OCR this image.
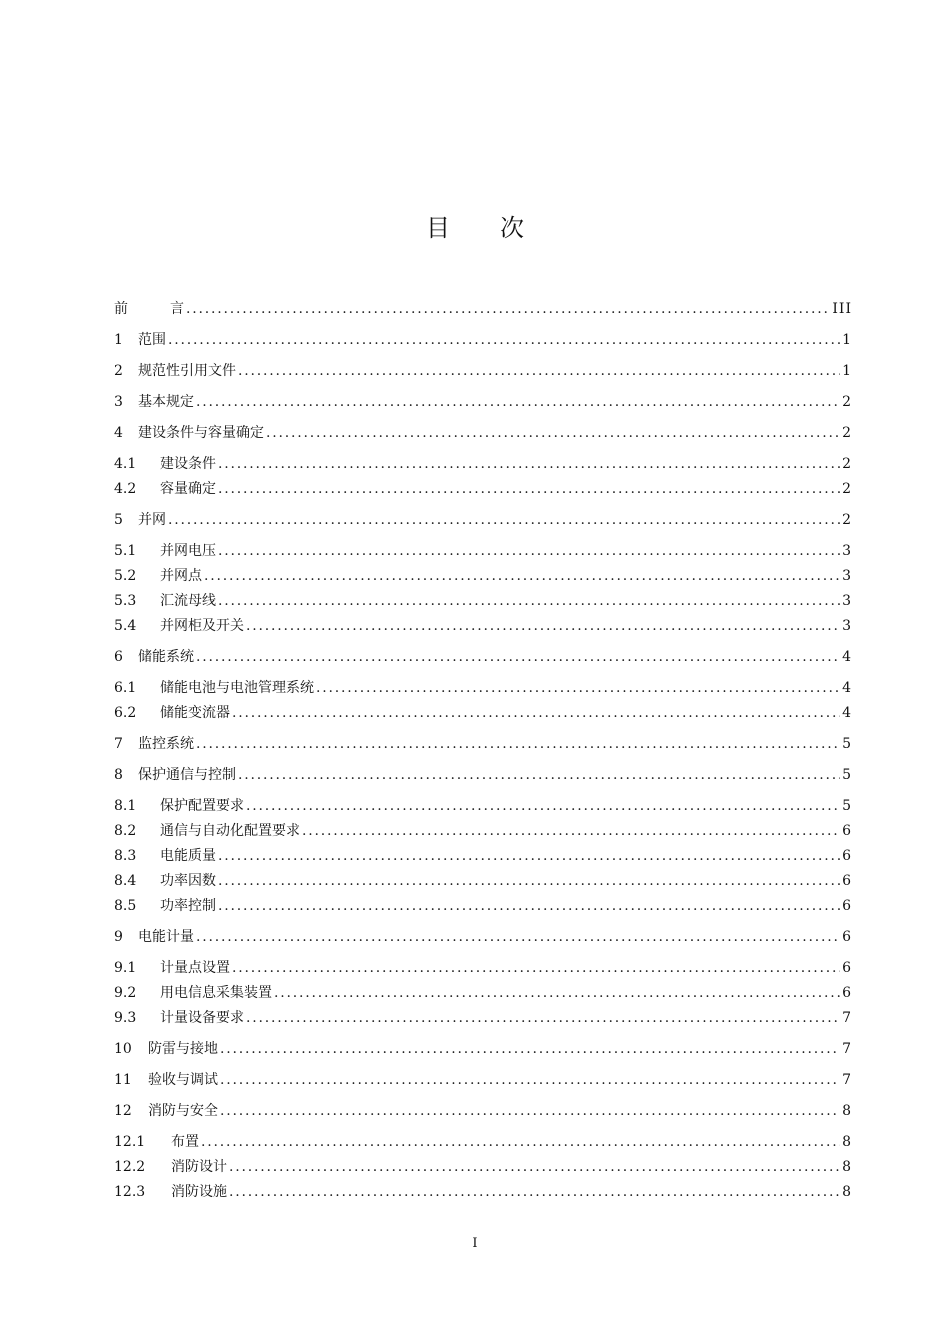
目 次
前	言 .....	III
1	范围 .....	1
2	规范性引用文件 .....	1
3	基本规定 .....	2
4	建设条件与容量确定 .....	2
4.1	建设条件 .....	2
4.2	容量确定 .....	2
5	并网 .....	2
5.1	并网电压 .....	3
5.2	并网点 .....	3
5.3	汇流母线 .....	3
5.4	并网柜及开关 .....	3
6	储能系统 .....	4
6.1	储能电池与电池管理系统 .....	4
6.2	储能变流器 .....	4
7	监控系统 .....	5
8	保护通信与控制 .....	5
8.1	保护配置要求 .....	5
8.2	通信与自动化配置要求 .....	6
8.3	电能质量 .....	6
8.4	功率因数 .....	6
8.5	功率控制 .....	6
9	电能计量 .....	6
9.1	计量点设置 .....	6
9.2	用电信息采集装置 .....	6
9.3	计量设备要求 .....	7
10	防雷与接地 .....	7
11	验收与调试 .....	7
12	消防与安全 .....	8
12.1	布置 .....	8
12.2	消防设计 .....	8
12.3	消防设施 .....	8
I
